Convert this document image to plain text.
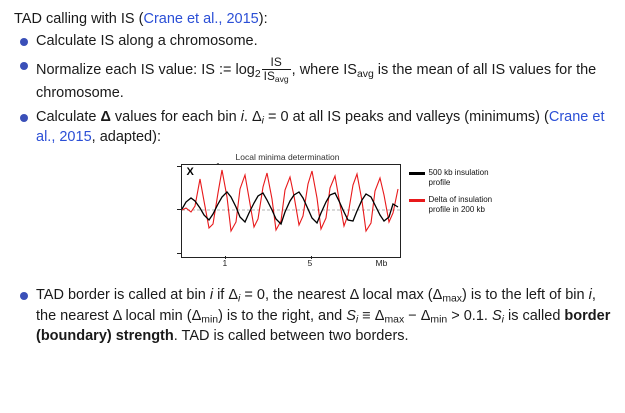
TAD calling with IS (Crane et al., 2015):

Calculate IS along a chromosome.
Normalize each IS value: IS := $\log_2 \frac{IS}{IS_{avg}}$ , where $IS_{avg}$ is the mean of all IS values for the chromosome.
Calculate Δ values for each bin i. $\Delta_i = 0$ at all IS peaks and valleys (minimums) (Crane et al., 2015, adapted):
Local minima determination
X
1	5	Mb
500 kb insulation profile
Delta of insulation profile in 200 kb
TAD border is called at bin i if $\Delta_i = 0$, the nearest Δ local $\max (\Delta_{max})$ is to the left of bin i, the nearest Δ local $\min (\Delta_{min})$ is to the right, and $S_i \equiv \Delta_{max} - \Delta_{min} > 0.1$. $S_i$ is called border (boundary) strength. TAD is called between two borders.
